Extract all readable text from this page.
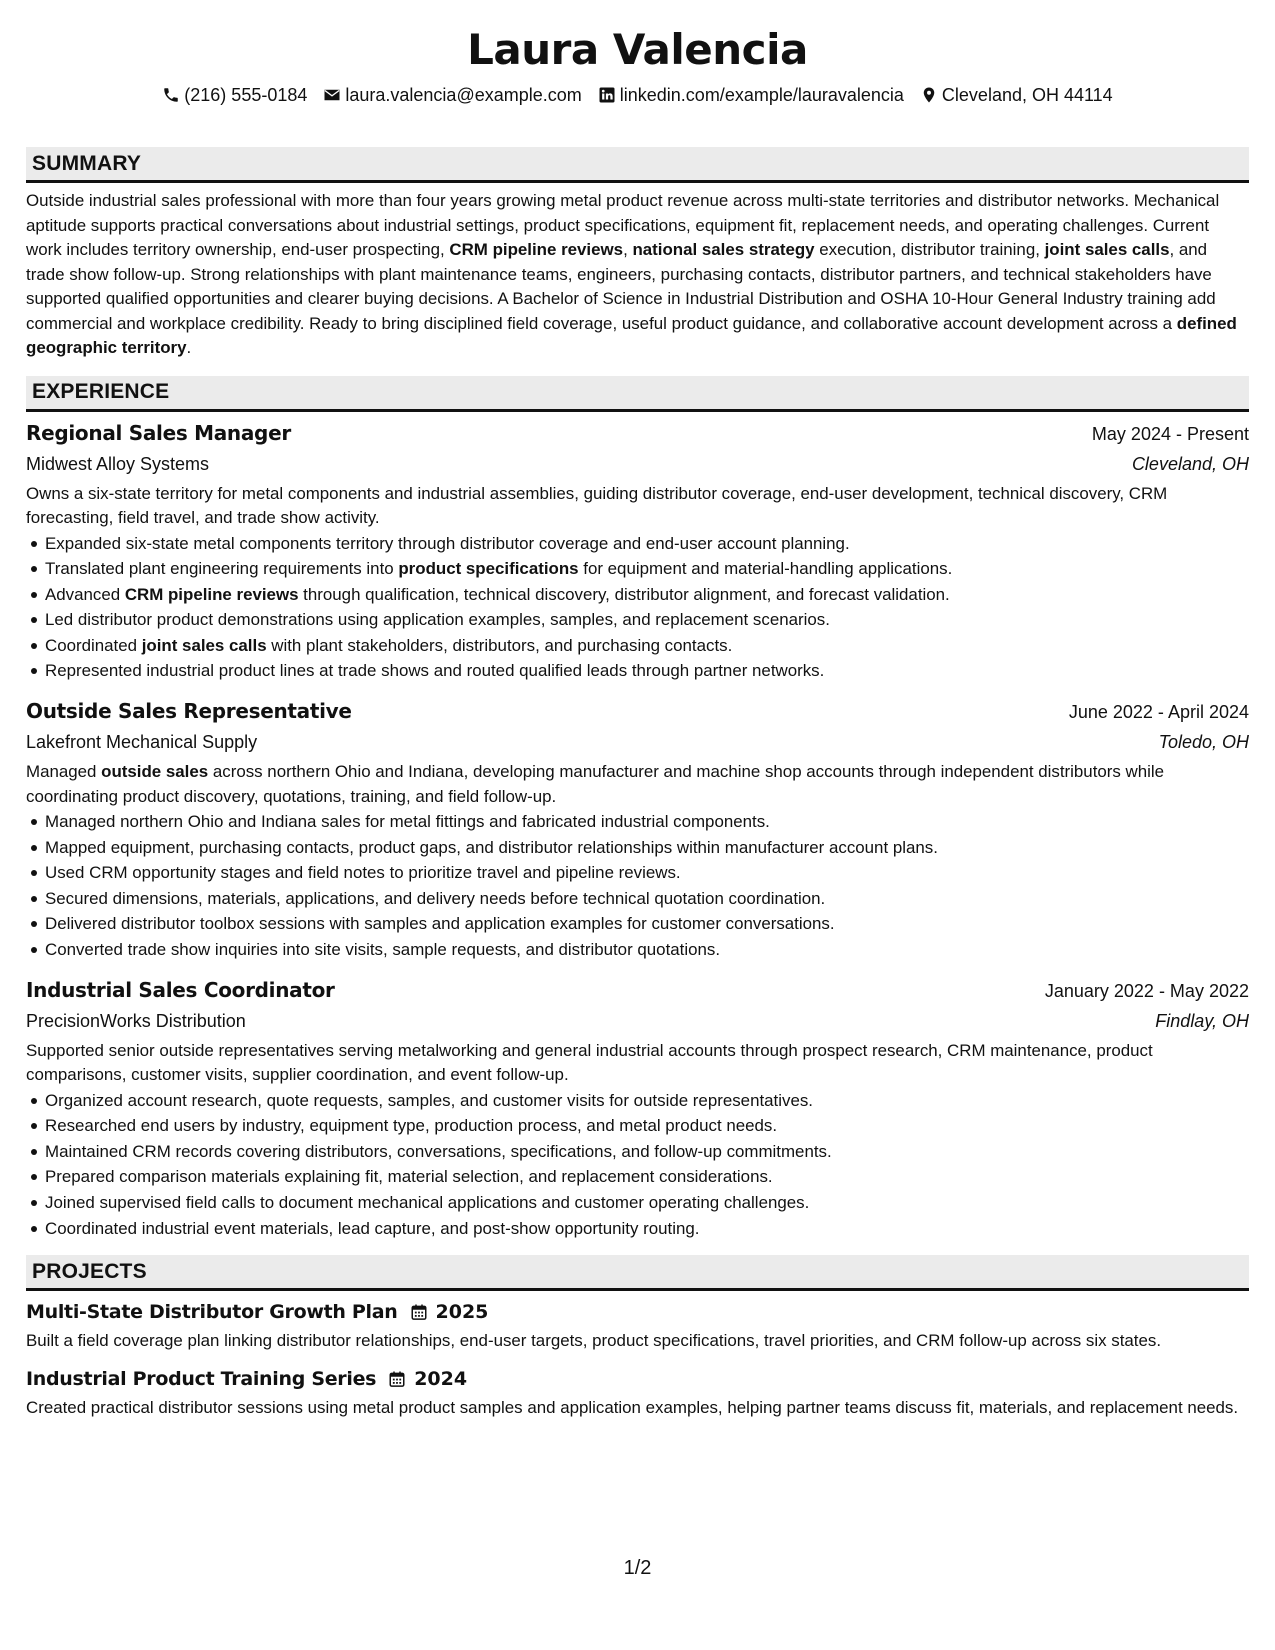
Laura Valencia
(216) 555-0184 laura.valencia@example.com linkedin.com/example/lauravalencia Cleveland, OH 44114
SUMMARY

Outside industrial sales professional with more than four years growing metal product revenue across multi-state territories and distributor networks. Mechanical aptitude supports practical conversations about industrial settings, product specifications, equipment fit, replacement needs, and operating challenges. Current work includes territory ownership, end-user prospecting, CRM pipeline reviews, national sales strategy execution, distributor training, joint sales calls, and trade show follow-up. Strong relationships with plant maintenance teams, engineers, purchasing contacts, distributor partners, and technical stakeholders have supported qualified opportunities and clearer buying decisions. A Bachelor of Science in Industrial Distribution and OSHA 10-Hour General Industry training add commercial and workplace credibility. Ready to bring disciplined field coverage, useful product guidance, and collaborative account development across a defined geographic territory.

EXPERIENCE
Regional Sales Manager	May 2024 - Present
Midwest Alloy Systems	Cleveland, OH

Owns a six-state territory for metal components and industrial assemblies, guiding distributor coverage, end-user development, technical discovery, CRM forecasting, field travel, and trade show activity.

Expanded six-state metal components territory through distributor coverage and end-user account planning.
Translated plant engineering requirements into product specifications for equipment and material-handling applications.
Advanced CRM pipeline reviews through qualification, technical discovery, distributor alignment, and forecast validation.
Led distributor product demonstrations using application examples, samples, and replacement scenarios.
Coordinated joint sales calls with plant stakeholders, distributors, and purchasing contacts.
Represented industrial product lines at trade shows and routed qualified leads through partner networks.
Outside Sales Representative	June 2022 - April 2024
Lakefront Mechanical Supply	Toledo, OH

Managed outside sales across northern Ohio and Indiana, developing manufacturer and machine shop accounts through independent distributors while coordinating product discovery, quotations, training, and field follow-up.

Managed northern Ohio and Indiana sales for metal fittings and fabricated industrial components.
Mapped equipment, purchasing contacts, product gaps, and distributor relationships within manufacturer account plans.
Used CRM opportunity stages and field notes to prioritize travel and pipeline reviews.
Secured dimensions, materials, applications, and delivery needs before technical quotation coordination.
Delivered distributor toolbox sessions with samples and application examples for customer conversations.
Converted trade show inquiries into site visits, sample requests, and distributor quotations.
Industrial Sales Coordinator	January 2022 - May 2022
PrecisionWorks Distribution	Findlay, OH

Supported senior outside representatives serving metalworking and general industrial accounts through prospect research, CRM maintenance, product comparisons, customer visits, supplier coordination, and event follow-up.

Organized account research, quote requests, samples, and customer visits for outside representatives.
Researched end users by industry, equipment type, production process, and metal product needs.
Maintained CRM records covering distributors, conversations, specifications, and follow-up commitments.
Prepared comparison materials explaining fit, material selection, and replacement considerations.
Joined supervised field calls to document mechanical applications and customer operating challenges.
Coordinated industrial event materials, lead capture, and post-show opportunity routing.
PROJECTS
Multi-State Distributor Growth Plan 2025

Built a field coverage plan linking distributor relationships, end-user targets, product specifications, travel priorities, and CRM follow-up across six states.

Industrial Product Training Series 2024

Created practical distributor sessions using metal product samples and application examples, helping partner teams discuss fit, materials, and replacement needs.

1/2
